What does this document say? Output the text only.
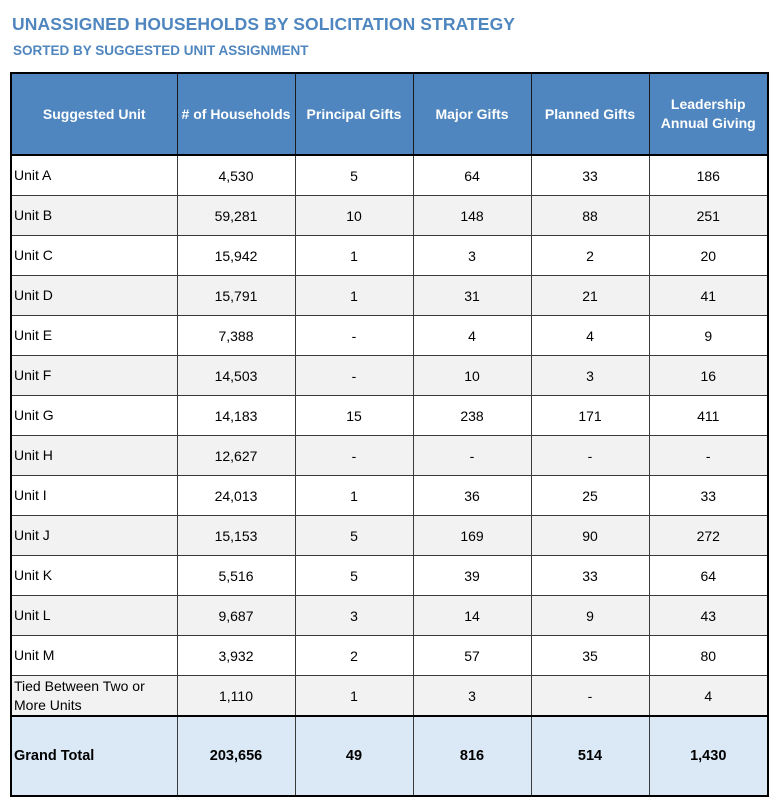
UNASSIGNED HOUSEHOLDS BY SOLICITATION STRATEGY
SORTED BY SUGGESTED UNIT ASSIGNMENT
Suggested Unit	# of Households	Principal Gifts	Major Gifts	Planned Gifts	Leadership Annual Giving
Unit A	4,530	5	64	33	186
Unit B	59,281	10	148	88	251
Unit C	15,942	1	3	2	20
Unit D	15,791	1	31	21	41
Unit E	7,388	-	4	4	9
Unit F	14,503	-	10	3	16
Unit G	14,183	15	238	171	411
Unit H	12,627	-	-	-	-
Unit I	24,013	1	36	25	33
Unit J	15,153	5	169	90	272
Unit K	5,516	5	39	33	64
Unit L	9,687	3	14	9	43
Unit M	3,932	2	57	35	80
Tied Between Two or More Units	1,110	1	3	-	4
Grand Total	203,656	49	816	514	1,430
